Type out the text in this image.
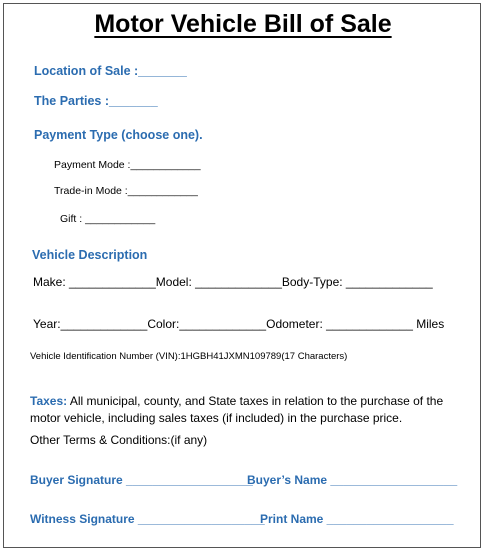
Motor Vehicle Bill of Sale
Location of Sale :_______
The Parties :_______
Payment Type (choose one).
Payment Mode :____________
Trade-in Mode :____________
Gift : ____________
Vehicle Description
Make: _____________Model: _____________Body-Type: _____________
Year:_____________Color:_____________Odometer: _____________ Miles
Vehicle Identification Number (VIN):1HGBH41JXMN109789(17 Characters)
Taxes: All municipal, county, and State taxes in relation to the purchase of the motor vehicle, including sales taxes (if included) in the purchase price.
Other Terms & Conditions:(if any)
Buyer Signature ___________________
Buyer’s Name ___________________
Witness Signature ___________________
Print Name ___________________
